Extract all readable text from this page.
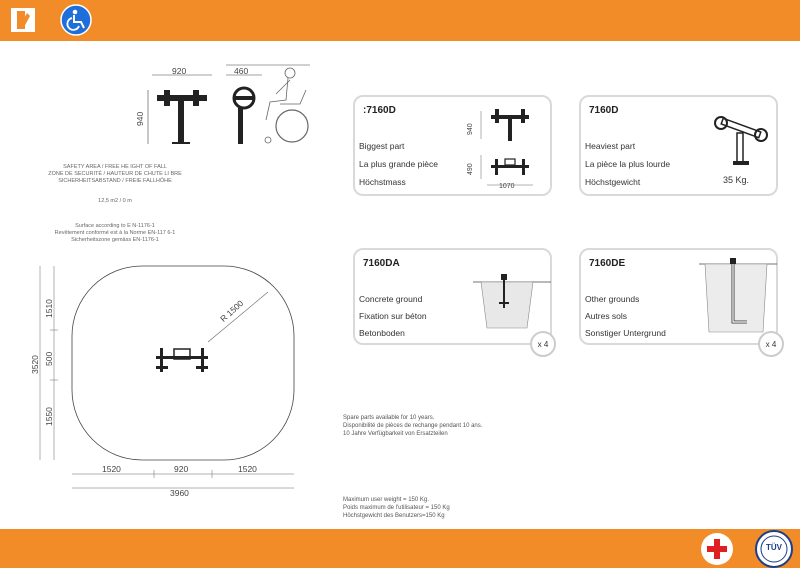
920	460
940
SAFETY AREA / FREE HE IGHT OF FALL
ZONE DE SECURITÉ / HAUTEUR DE CHUTE LI BRE
SICHERHEITSABSTAND / FREIE FALLHÖHE
12,5 m2 / 0 m
Surface according to E N-1176-1
Revêtement conformé est à la Norme EN-117 6-1
Sicherheitszone gemäss EN-1176-1
R 1500
1510
500
1550
3520
1520	920	1520
3960
:7160D
Biggest part
La plus grande pièce
Höchstmass
940
490
1070
7160D
Heaviest part
La pièce la plus lourde
Höchstgewicht	35 Kg.
7160DA
Concrete ground
Fixation sur béton
Betonboden
x 4
7160DE
Other grounds
Autres sols
Sonstiger Untergrund
x 4
Spare parts available for 10 years.
Disponibilité de pièces de rechange pendant 10 ans.
10 Jahre Verfügbarkeit von Ersatzteilen
Maximum user weight = 150 Kg.
Poids maximum de l'utilisateur = 150 Kg
Höchstgewicht des Benutzers=150 Kg
TÜV
